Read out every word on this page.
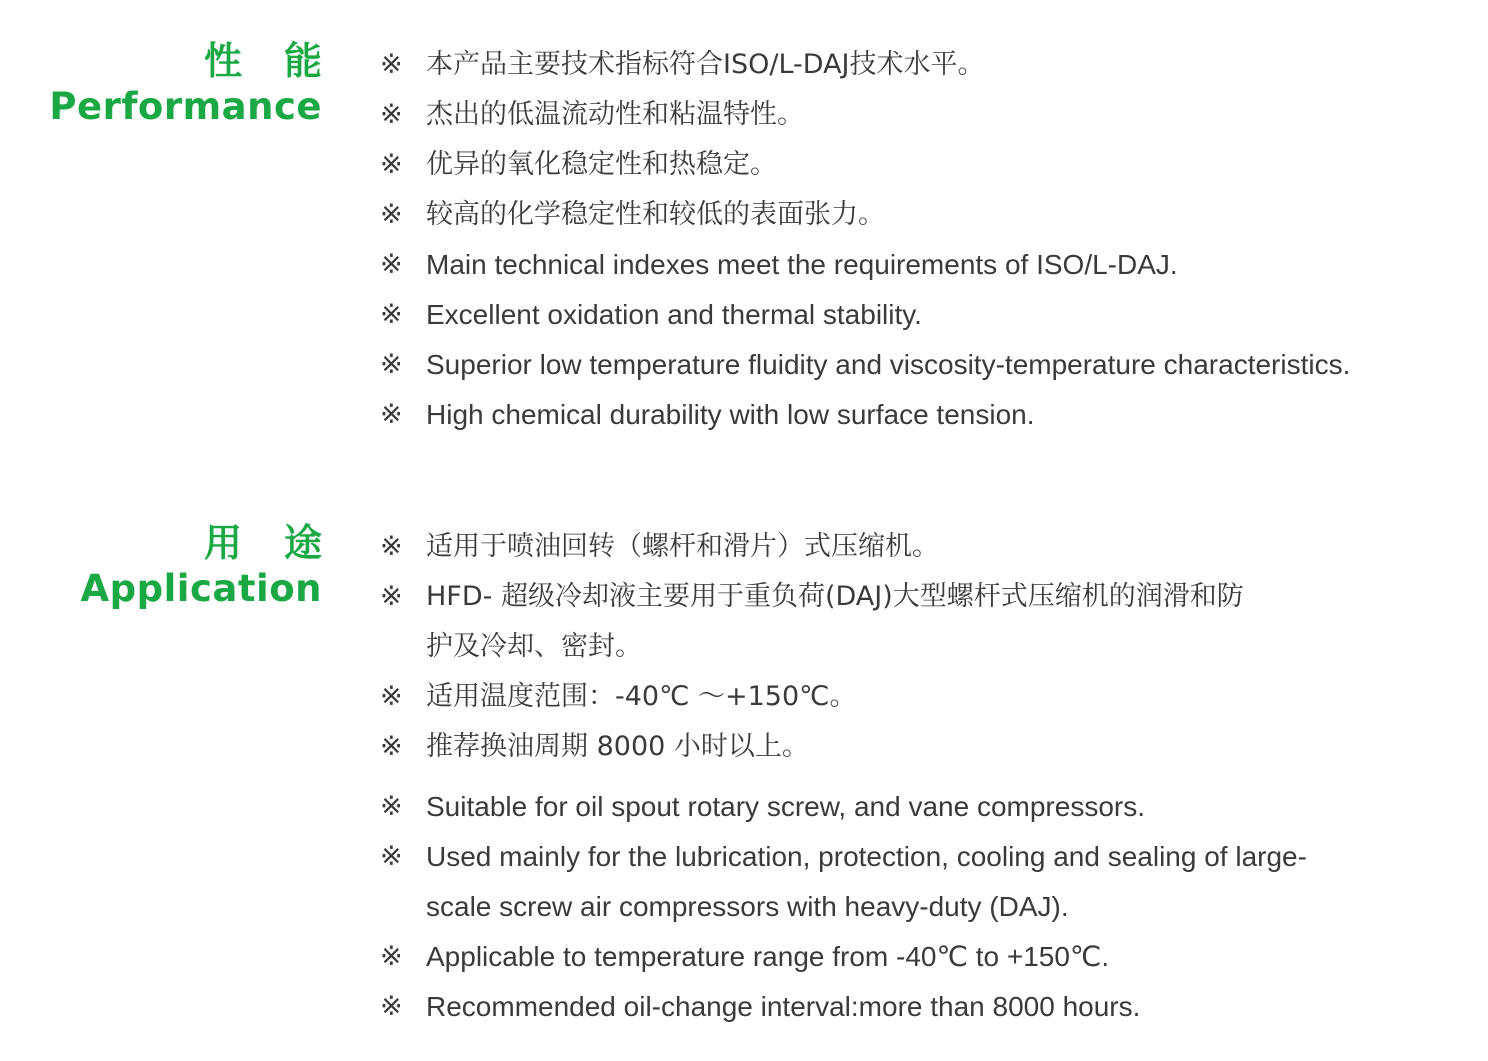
性 能
Performance
※ 本产品主要技术指标符合ISO/L-DAJ技术水平。
※ 杰出的低温流动性和粘温特性。
※ 优异的氧化稳定性和热稳定。
※ 较高的化学稳定性和较低的表面张力。
※ Main technical indexes meet the requirements of ISO/L-DAJ.
※ Excellent oxidation and thermal stability.
※ Superior low temperature fluidity and viscosity-temperature characteristics.
※ High chemical durability with low surface tension.
用 途
Application
※ 适用于喷油回转（螺杆和滑片）式压缩机。
※ HFD- 超级冷却液主要用于重负荷(DAJ)大型螺杆式压缩机的润滑和防护及冷却、密封。
※ 适用温度范围：-40℃ ～+150℃。
※ 推荐换油周期 8000 小时以上。
※ Suitable for oil spout rotary screw, and vane compressors.
※ Used mainly for the lubrication, protection, cooling and sealing of large-scale screw air compressors with heavy-duty (DAJ).
※ Applicable to temperature range from -40℃ to +150℃.
※ Recommended oil-change interval:more than 8000 hours.
